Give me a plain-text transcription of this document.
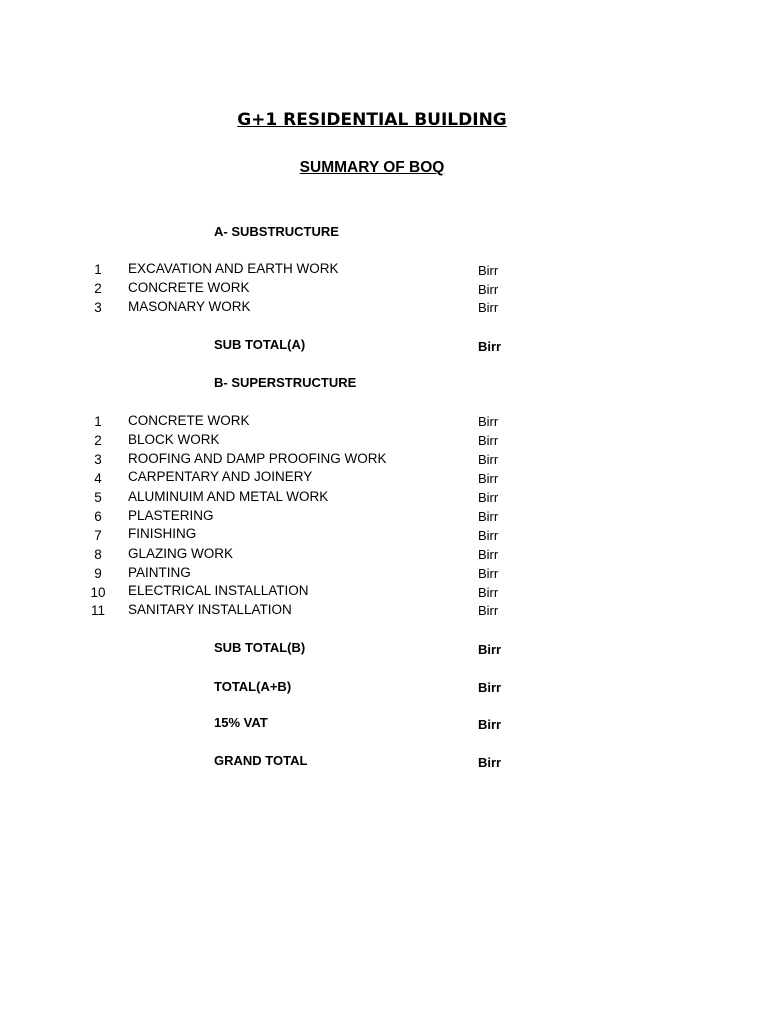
G+1 RESIDENTIAL BUILDING
SUMMARY OF BOQ
A- SUBSTRUCTURE
1	EXCAVATION AND EARTH WORK	Birr
2	CONCRETE WORK	Birr
3	MASONARY WORK	Birr
SUB TOTAL(A)	Birr
B- SUPERSTRUCTURE
1	CONCRETE WORK	Birr
2	BLOCK WORK	Birr
3	ROOFING AND DAMP PROOFING WORK	Birr
4	CARPENTARY AND JOINERY	Birr
5	ALUMINUIM AND METAL WORK	Birr
6	PLASTERING	Birr
7	FINISHING	Birr
8	GLAZING WORK	Birr
9	PAINTING	Birr
10	ELECTRICAL INSTALLATION	Birr
11	SANITARY INSTALLATION	Birr
SUB TOTAL(B)	Birr
TOTAL(A+B)	Birr
15% VAT	Birr
GRAND TOTAL	Birr
